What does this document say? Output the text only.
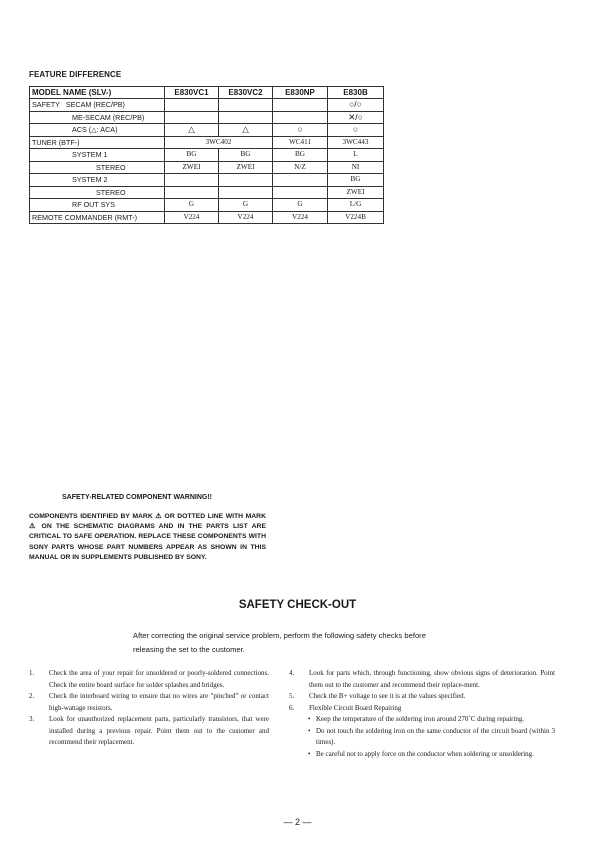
FEATURE DIFFERENCE
MODEL NAME (SLV-)	E830VC1	E830VC2	E830NP	E830B
SAFETY   SECAM (REC/PB)				○/○
ME-SECAM (REC/PB)				✕/○
ACS (△: ACA)	△	△	○	○
TUNER (BTF-)	3WC402		WC411	3WC443
SYSTEM 1	BG	BG	BG	L
STEREO	ZWEI	ZWEI	N/Z	NI
SYSTEM 2				BG
STEREO				ZWEI
RF OUT SYS	G	G	G	L/G
REMOTE COMMANDER (RMT-)	V224	V224	V224	V224B
SAFETY-RELATED COMPONENT WARNING!!
COMPONENTS IDENTIFIED BY MARK ⚠ OR DOTTED LINE WITH MARK ⚠ ON THE SCHEMATIC DIAGRAMS AND IN THE PARTS LIST ARE CRITICAL TO SAFE OPERATION. REPLACE THESE COMPONENTS WITH SONY PARTS WHOSE PART NUMBERS APPEAR AS SHOWN IN THIS MANUAL OR IN SUPPLEMENTS PUBLISHED BY SONY.
SAFETY CHECK-OUT
After correcting the original service problem, perform the following safety checks before releasing the set to the customer.
1. Check the area of your repair for unsoldered or poorly-soldered connections. Check the entire board surface for solder splashes and bridges.
2. Check the interboard wiring to ensure that no wires are "pinched" or contact high-wattage resistors.
3. Look for unauthorized replacement parts, particularly transistors, that were installed during a previous repair. Point them out to the customer and recommend their replacement.
4. Look for parts which, through functioning, show obvious signs of deterioration. Point them out to the customer and recommend their replace-ment.
5. Check the B+ voltage to see it is at the values specified.
6. Flexible Circuit Board Repairing
• Keep the temperature of the soldering iron around 270˚C during repairing.
• Do not touch the soldering iron on the same conductor of the circuit board (within 3 times).
• Be careful not to apply force on the conductor when soldering or unsoldering.
— 2 —
